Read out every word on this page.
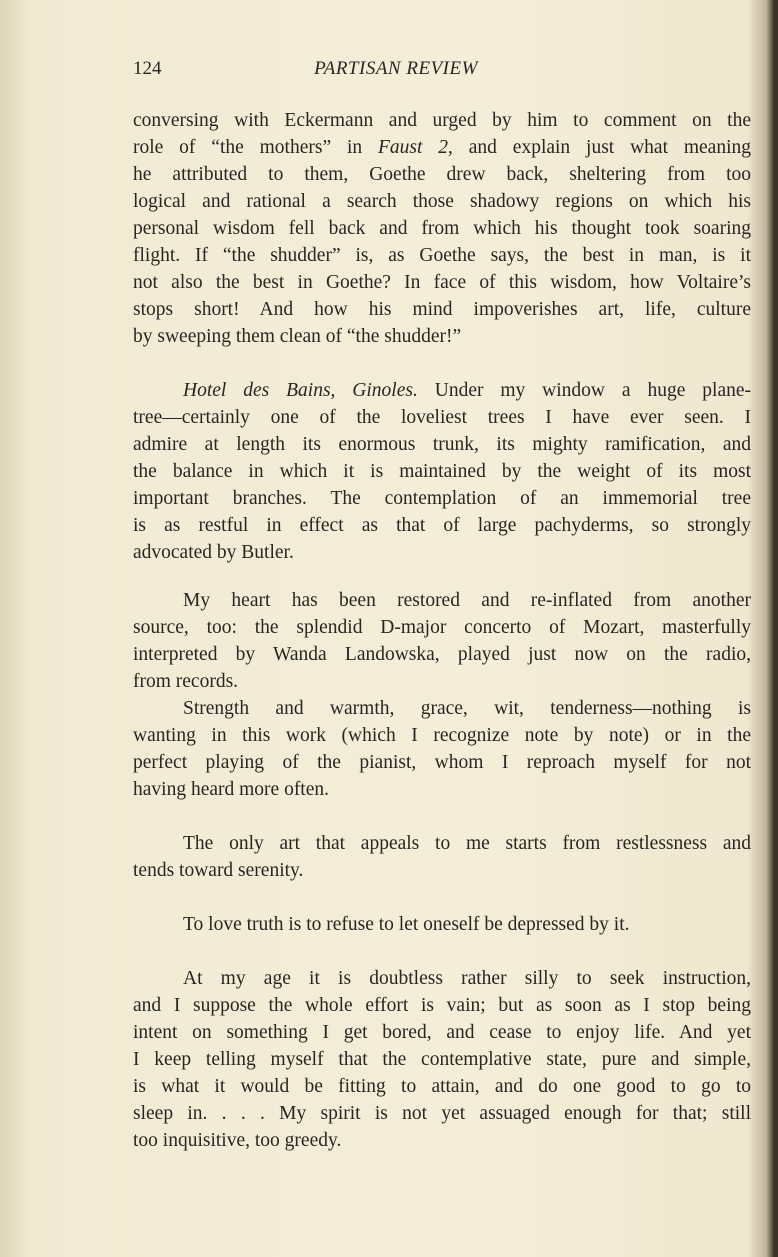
124	PARTISAN REVIEW
conversing with Eckermann and urged by him to comment on the
role of “the mothers” in Faust 2, and explain just what meaning
he attributed to them, Goethe drew back, sheltering from too
logical and rational a search those shadowy regions on which his
personal wisdom fell back and from which his thought took soaring
flight. If “the shudder” is, as Goethe says, the best in man, is it
not also the best in Goethe? In face of this wisdom, how Voltaire’s
stops short! And how his mind impoverishes art, life, culture
by sweeping them clean of “the shudder!”
Hotel des Bains, Ginoles. Under my window a huge plane-
tree—certainly one of the loveliest trees I have ever seen. I
admire at length its enormous trunk, its mighty ramification, and
the balance in which it is maintained by the weight of its most
important branches. The contemplation of an immemorial tree
is as restful in effect as that of large pachyderms, so strongly
advocated by Butler.
My heart has been restored and re-inflated from another
source, too: the splendid D-major concerto of Mozart, masterfully
interpreted by Wanda Landowska, played just now on the radio,
from records.
Strength and warmth, grace, wit, tenderness—nothing is
wanting in this work (which I recognize note by note) or in the
perfect playing of the pianist, whom I reproach myself for not
having heard more often.
The only art that appeals to me starts from restlessness and
tends toward serenity.
To love truth is to refuse to let oneself be depressed by it.
At my age it is doubtless rather silly to seek instruction,
and I suppose the whole effort is vain; but as soon as I stop being
intent on something I get bored, and cease to enjoy life. And yet
I keep telling myself that the contemplative state, pure and simple,
is what it would be fitting to attain, and do one good to go to
sleep in. . . . My spirit is not yet assuaged enough for that; still
too inquisitive, too greedy.
